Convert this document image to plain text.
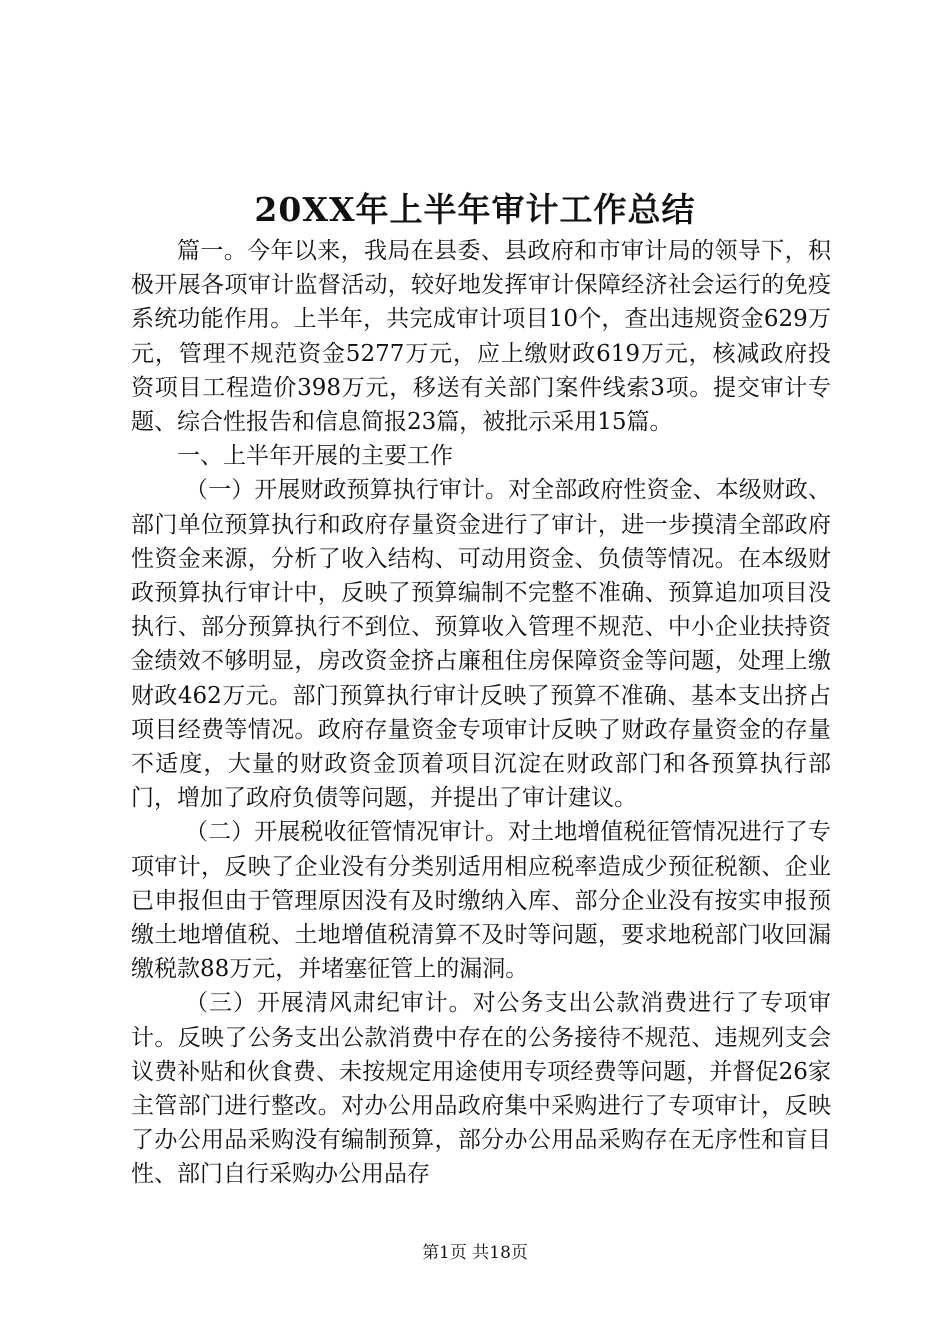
20XX年上半年审计工作总结

篇一。今年以来，我局在县委、县政府和市审计局的领导下，积极开展各项审计监督活动，较好地发挥审计保障经济社会运行的免疫系统功能作用。上半年，共完成审计项目10个，查出违规资金629万元，管理不规范资金5277万元，应上缴财政619万元，核减政府投资项目工程造价398万元，移送有关部门案件线索3项。提交审计专题、综合性报告和信息简报23篇，被批示采用15篇。

一、上半年开展的主要工作

（一）开展财政预算执行审计。对全部政府性资金、本级财政、部门单位预算执行和政府存量资金进行了审计，进一步摸清全部政府性资金来源，分析了收入结构、可动用资金、负债等情况。在本级财政预算执行审计中，反映了预算编制不完整不准确、预算追加项目没执行、部分预算执行不到位、预算收入管理不规范、中小企业扶持资金绩效不够明显，房改资金挤占廉租住房保障资金等问题，处理上缴财政462万元。部门预算执行审计反映了预算不准确、基本支出挤占项目经费等情况。政府存量资金专项审计反映了财政存量资金的存量不适度，大量的财政资金顶着项目沉淀在财政部门和各预算执行部门，增加了政府负债等问题，并提出了审计建议。

（二）开展税收征管情况审计。对土地增值税征管情况进行了专项审计，反映了企业没有分类别适用相应税率造成少预征税额、企业已申报但由于管理原因没有及时缴纳入库、部分企业没有按实申报预缴土地增值税、土地增值税清算不及时等问题，要求地税部门收回漏缴税款88万元，并堵塞征管上的漏洞。

（三）开展清风肃纪审计。对公务支出公款消费进行了专项审计。反映了公务支出公款消费中存在的公务接待不规范、违规列支会议费补贴和伙食费、未按规定用途使用专项经费等问题，并督促26家主管部门进行整改。对办公用品政府集中采购进行了专项审计，反映了办公用品采购没有编制预算，部分办公用品采购存在无序性和盲目性、部门自行采购办公用品存

第1页 共18页
